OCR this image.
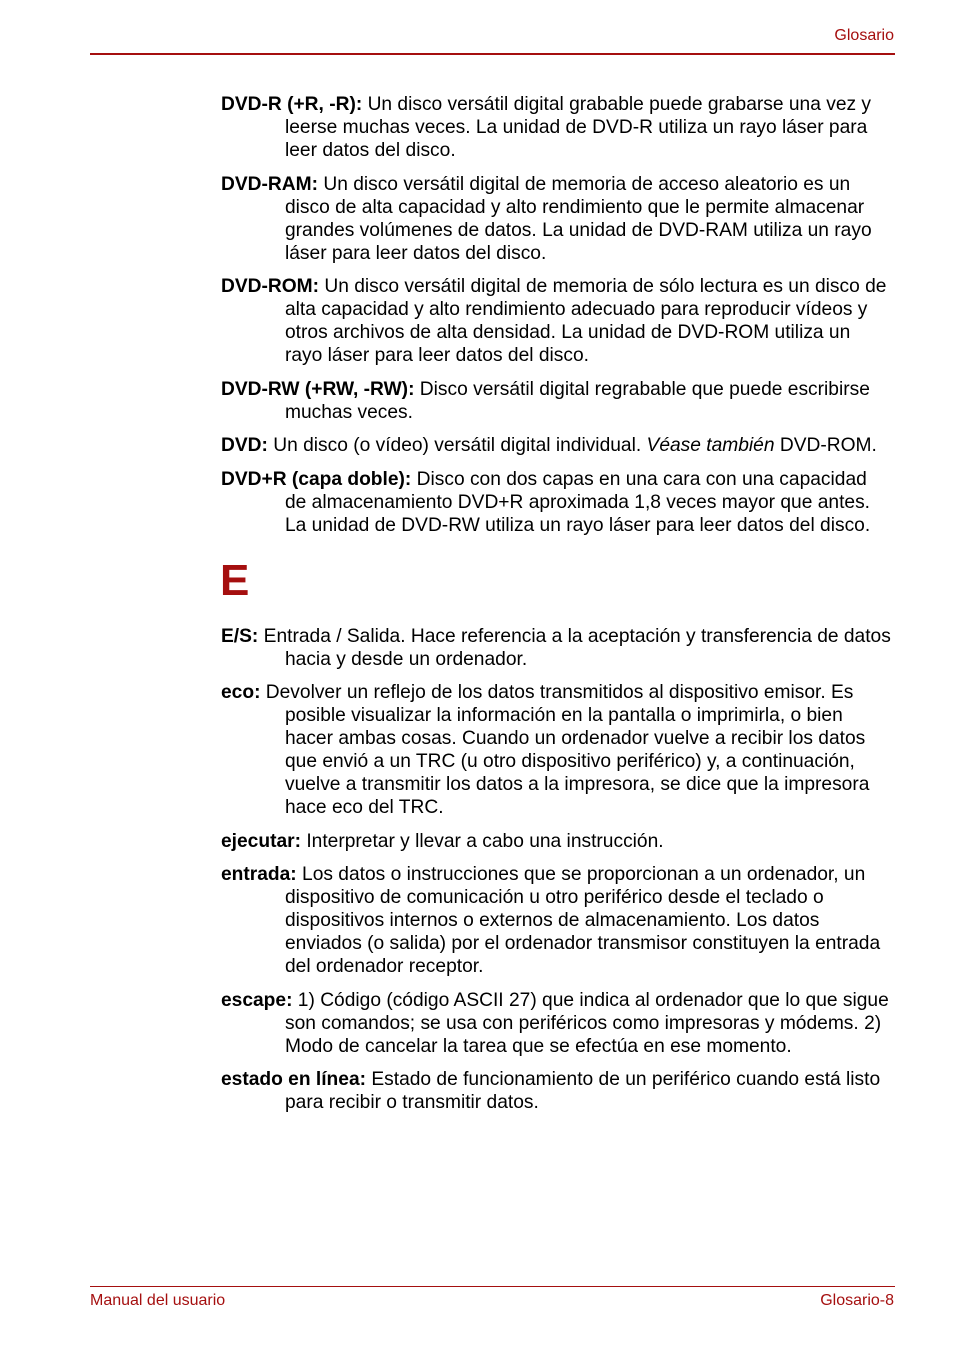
Glosario

DVD-R (+R, -R): Un disco versátil digital grabable puede grabarse una vez y leerse muchas veces. La unidad de DVD-R utiliza un rayo láser para leer datos del disco.

DVD-RAM: Un disco versátil digital de memoria de acceso aleatorio es un disco de alta capacidad y alto rendimiento que le permite almacenar grandes volúmenes de datos. La unidad de DVD-RAM utiliza un rayo láser para leer datos del disco.

DVD-ROM: Un disco versátil digital de memoria de sólo lectura es un disco de alta capacidad y alto rendimiento adecuado para reproducir vídeos y otros archivos de alta densidad. La unidad de DVD-ROM utiliza un rayo láser para leer datos del disco.

DVD-RW (+RW, -RW): Disco versátil digital regrabable que puede escribirse muchas veces.

DVD: Un disco (o vídeo) versátil digital individual. Véase también DVD-ROM.

DVD+R (capa doble): Disco con dos capas en una cara con una capacidad de almacenamiento DVD+R aproximada 1,8 veces mayor que antes. La unidad de DVD-RW utiliza un rayo láser para leer datos del disco.

E

E/S: Entrada / Salida. Hace referencia a la aceptación y transferencia de datos hacia y desde un ordenador.

eco: Devolver un reflejo de los datos transmitidos al dispositivo emisor. Es posible visualizar la información en la pantalla o imprimirla, o bien hacer ambas cosas. Cuando un ordenador vuelve a recibir los datos que envió a un TRC (u otro dispositivo periférico) y, a continuación, vuelve a transmitir los datos a la impresora, se dice que la impresora hace eco del TRC.

ejecutar: Interpretar y llevar a cabo una instrucción.

entrada: Los datos o instrucciones que se proporcionan a un ordenador, un dispositivo de comunicación u otro periférico desde el teclado o dispositivos internos o externos de almacenamiento. Los datos enviados (o salida) por el ordenador transmisor constituyen la entrada del ordenador receptor.

escape: 1) Código (código ASCII 27) que indica al ordenador que lo que sigue son comandos; se usa con periféricos como impresoras y módems. 2) Modo de cancelar la tarea que se efectúa en ese momento.

estado en línea: Estado de funcionamiento de un periférico cuando está listo para recibir o transmitir datos.

Manual del usuario	Glosario-8
